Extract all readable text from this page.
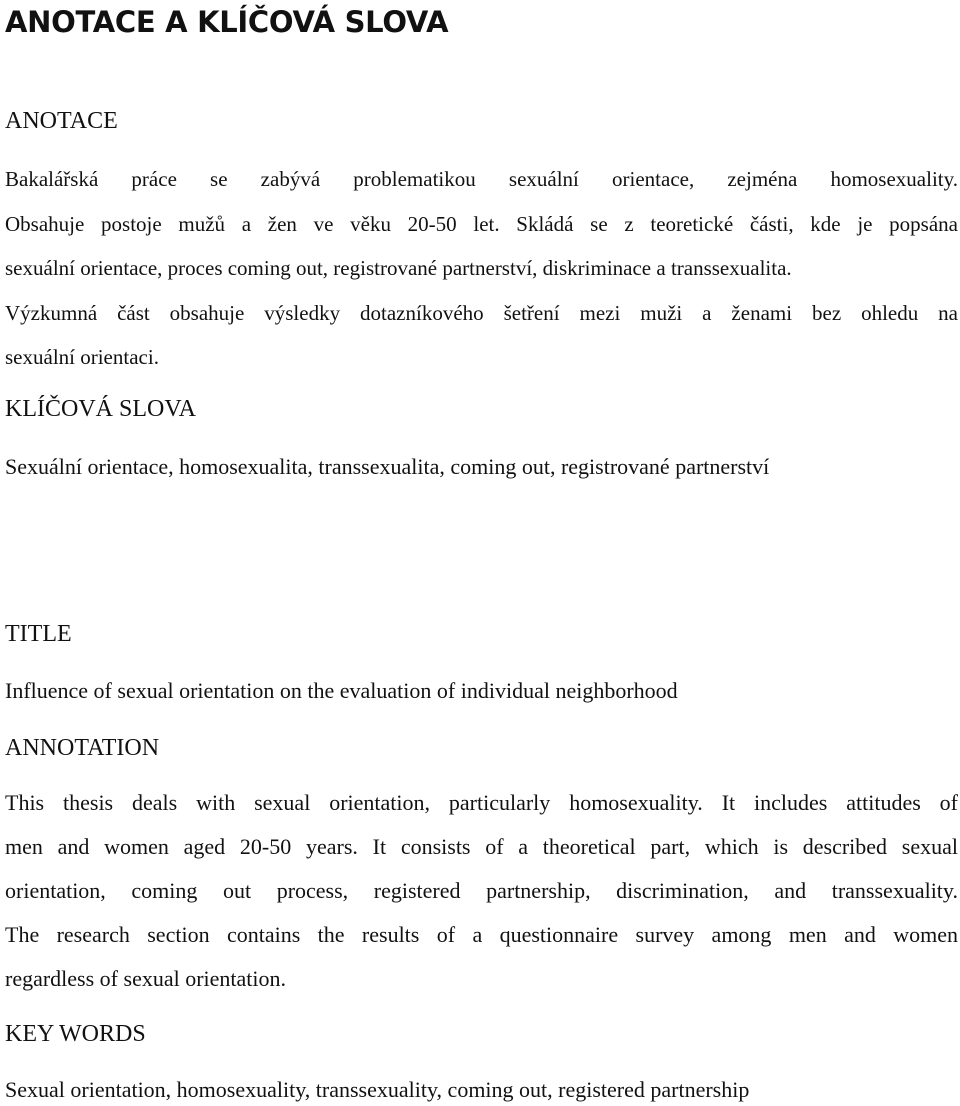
ANOTACE A KLÍČOVÁ SLOVA

ANOTACE

Bakalářská práce se zabývá problematikou sexuální orientace, zejména homosexuality.
Obsahuje postoje mužů a žen ve věku 20-50 let. Skládá se z teoretické části, kde je popsána
sexuální orientace, proces coming out, registrované partnerství, diskriminace a transsexualita.
Výzkumná část obsahuje výsledky dotazníkového šetření mezi muži a ženami bez ohledu na
sexuální orientaci.

KLÍČOVÁ SLOVA

Sexuální orientace, homosexualita, transsexualita, coming out, registrované partnerství

TITLE

Influence of sexual orientation on the evaluation of individual neighborhood

ANNOTATION

This thesis deals with sexual orientation, particularly homosexuality. It includes attitudes of
men and women aged 20-50 years. It consists of a theoretical part, which is described sexual
orientation, coming out process, registered partnership, discrimination, and transsexuality.
The research section contains the results of a questionnaire survey among men and women
regardless of sexual orientation.

KEY WORDS

Sexual orientation, homosexuality, transsexuality, coming out, registered partnership
